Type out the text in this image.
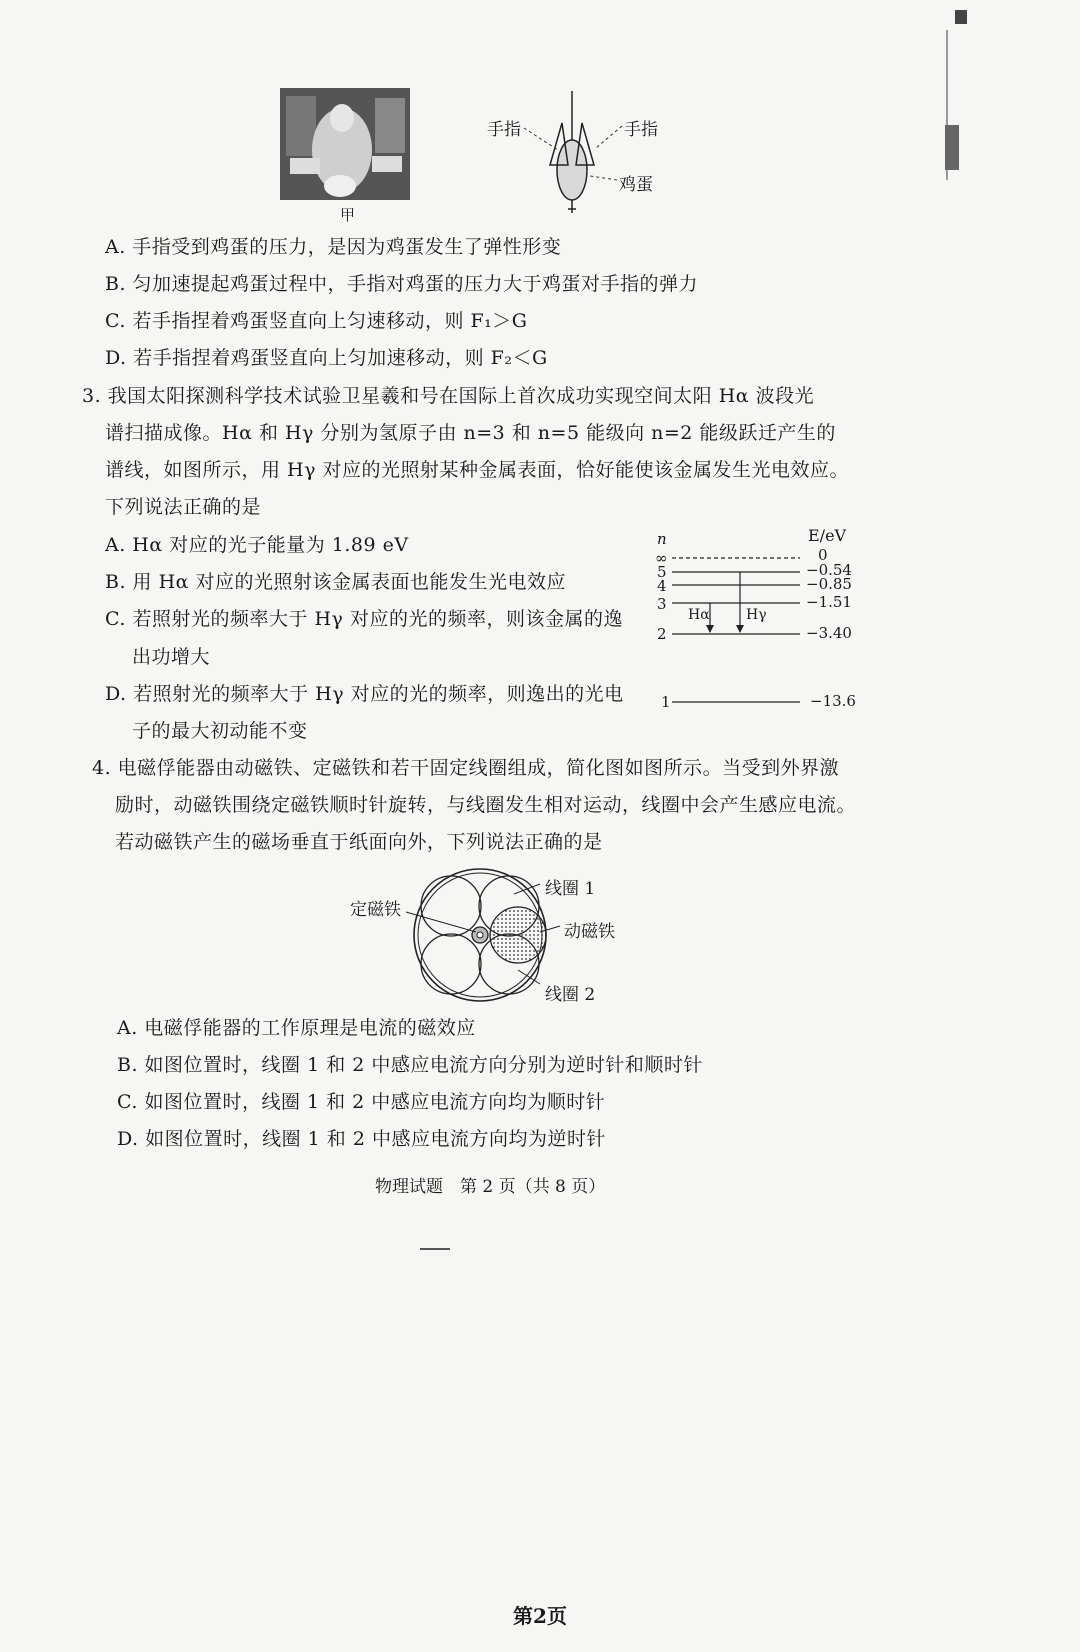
甲
手指	手指
鸡蛋
A. 手指受到鸡蛋的压力，是因为鸡蛋发生了弹性形变
B. 匀加速提起鸡蛋过程中，手指对鸡蛋的压力大于鸡蛋对手指的弹力
C. 若手指捏着鸡蛋竖直向上匀速移动，则 F₁＞G
D. 若手指捏着鸡蛋竖直向上匀加速移动，则 F₂＜G
3. 我国太阳探测科学技术试验卫星羲和号在国际上首次成功实现空间太阳 Hα 波段光
谱扫描成像。Hα 和 Hγ 分别为氢原子由 n=3 和 n=5 能级向 n=2 能级跃迁产生的
谱线，如图所示，用 Hγ 对应的光照射某种金属表面，恰好能使该金属发生光电效应。
下列说法正确的是
A. Hα 对应的光子能量为 1.89 eV
B. 用 Hα 对应的光照射该金属表面也能发生光电效应
C. 若照射光的频率大于 Hγ 对应的光的频率，则该金属的逸
出功增大
D. 若照射光的频率大于 Hγ 对应的光的频率，则逸出的光电
子的最大初动能不变
n	E/eV
∞
5
4
3
2
1
0
−0.54
−0.85
−1.51
−3.40
−13.6
Hα	Hγ
4. 电磁俘能器由动磁铁、定磁铁和若干固定线圈组成，简化图如图所示。当受到外界激
励时，动磁铁围绕定磁铁顺时针旋转，与线圈发生相对运动，线圈中会产生感应电流。
若动磁铁产生的磁场垂直于纸面向外，下列说法正确的是
定磁铁
线圈 1
动磁铁
线圈 2
A. 电磁俘能器的工作原理是电流的磁效应
B. 如图位置时，线圈 1 和 2 中感应电流方向分别为逆时针和顺时针
C. 如图位置时，线圈 1 和 2 中感应电流方向均为顺时针
D. 如图位置时，线圈 1 和 2 中感应电流方向均为逆时针
物理试题　第 2 页（共 8 页）
第2页
